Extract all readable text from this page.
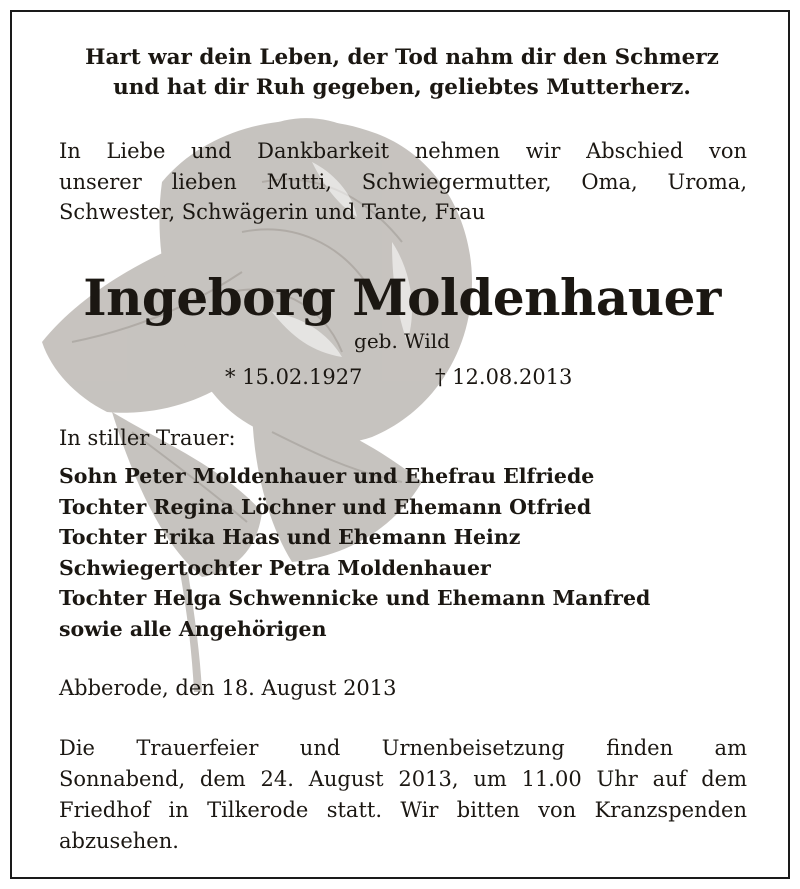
Hart war dein Leben, der Tod nahm dir den Schmerz
und hat dir Ruh gegeben, geliebtes Mutterherz.
In Liebe und Dankbarkeit nehmen wir Abschied von
unserer lieben Mutti, Schwiegermutter, Oma, Uroma,
Schwester, Schwägerin und Tante, Frau
Ingeborg Moldenhauer
geb. Wild
* 15.02.1927	† 12.08.2013
In stiller Trauer:
Sohn Peter Moldenhauer und Ehefrau Elfriede
Tochter Regina Löchner und Ehemann Otfried
Tochter Erika Haas und Ehemann Heinz
Schwiegertochter Petra Moldenhauer
Tochter Helga Schwennicke und Ehemann Manfred
sowie alle Angehörigen
Abberode, den 18. August 2013
Die Trauerfeier und Urnenbeisetzung finden am
Sonnabend, dem 24. August 2013, um 11.00 Uhr auf dem
Friedhof in Tilkerode statt. Wir bitten von Kranzspenden
abzusehen.
